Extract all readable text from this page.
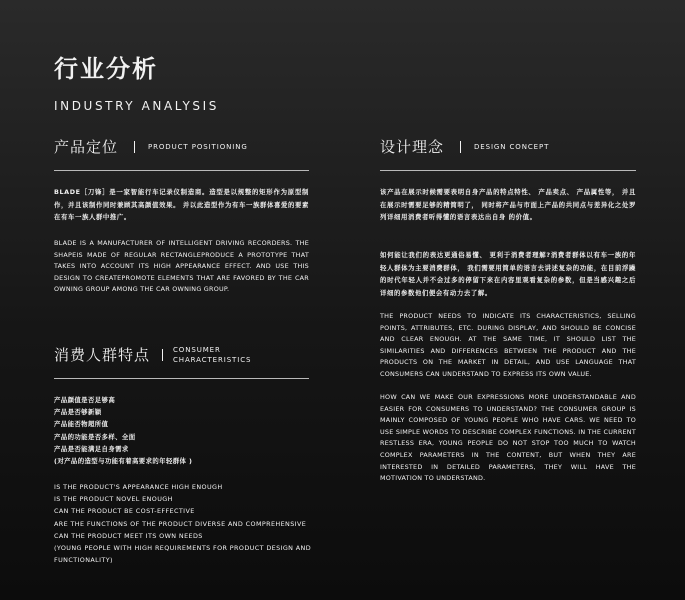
行业分析
INDUSTRY ANALYSIS
产品定位	PRODUCT POSITIONING

BLADE［刀锋］是一家智能行车记录仪制造商。造型是以规整的矩形作为原型制作，并且该制作同时兼顾其高颜值效果。 并以此造型作为有车一族群体喜爱的要素在有车一族人群中推广。

BLADE IS A MANUFACTURER OF INTELLIGENT DRIVING RECORDERS. THE SHAPEIS MADE OF REGULAR RECTANGLEPRODUCE A PROTOTYPE THAT TAKES INTO ACCOUNT ITS HIGH APPEARANCE EFFECT. AND USE THIS DESIGN TO CREATEPROMOTE ELEMENTS THAT ARE FAVORED BY THE CAR OWNING GROUP AMONG THE CAR OWNING GROUP.

消费人群特点	CONSUMER
CHARACTERISTICS
产品颜值是否足够高
产品是否够新颖
产品能否物超所值
产品的功能是否多样、全面
产品是否能满足自身需求
(对产品的造型与功能有着高要求的年轻群体 )
IS THE PRODUCT'S APPEARANCE HIGH ENOUGH
IS THE PRODUCT NOVEL ENOUGH
CAN THE PRODUCT BE COST-EFFECTIVE
ARE THE FUNCTIONS OF THE PRODUCT DIVERSE AND COMPREHENSIVE
CAN THE PRODUCT MEET ITS OWN NEEDS
(YOUNG PEOPLE WITH HIGH REQUIREMENTS FOR PRODUCT DESIGN AND
FUNCTIONALITY)
设计理念	DESIGN CONCEPT

该产品在展示时候需要表明自身产品的特点特性、 产品卖点、 产品属性等， 并且在展示时需要足够的精简明了， 同时将产品与市面上产品的共同点与差异化之处罗列详细用消费者听得懂的语言表达出自身 的价值。

如何能让我们的表达更通俗易懂、 更利于消费者理解?消费者群体以有车一族的年轻人群体为主要消费群体， 我们需要用简单的语言去讲述复杂的功能，在目前浮躁的时代年轻人并不会过多的停留下来在内容里观看复杂的参数，但是当感兴趣之后详细的参数他们便会有动力去了解。

THE PRODUCT NEEDS TO INDICATE ITS CHARACTERISTICS, SELLING POINTS, ATTRIBUTES, ETC. DURING DISPLAY, AND SHOULD BE CONCISE AND CLEAR ENOUGH. AT THE SAME TIME, IT SHOULD LIST THE SIMILARITIES AND DIFFERENCES BETWEEN THE PRODUCT AND THE PRODUCTS ON THE MARKET IN DETAIL, AND USE LANGUAGE THAT CONSUMERS CAN UNDERSTAND TO EXPRESS ITS OWN VALUE.

HOW CAN WE MAKE OUR EXPRESSIONS MORE UNDERSTANDABLE AND EASIER FOR CONSUMERS TO UNDERSTAND? THE CONSUMER GROUP IS MAINLY COMPOSED OF YOUNG PEOPLE WHO HAVE CARS. WE NEED TO USE SIMPLE WORDS TO DESCRIBE COMPLEX FUNCTIONS. IN THE CURRENT RESTLESS ERA, YOUNG PEOPLE DO NOT STOP TOO MUCH TO WATCH COMPLEX PARAMETERS IN THE CONTENT, BUT WHEN THEY ARE INTERESTED IN DETAILED PARAMETERS, THEY WILL HAVE THE MOTIVATION TO UNDERSTAND.
